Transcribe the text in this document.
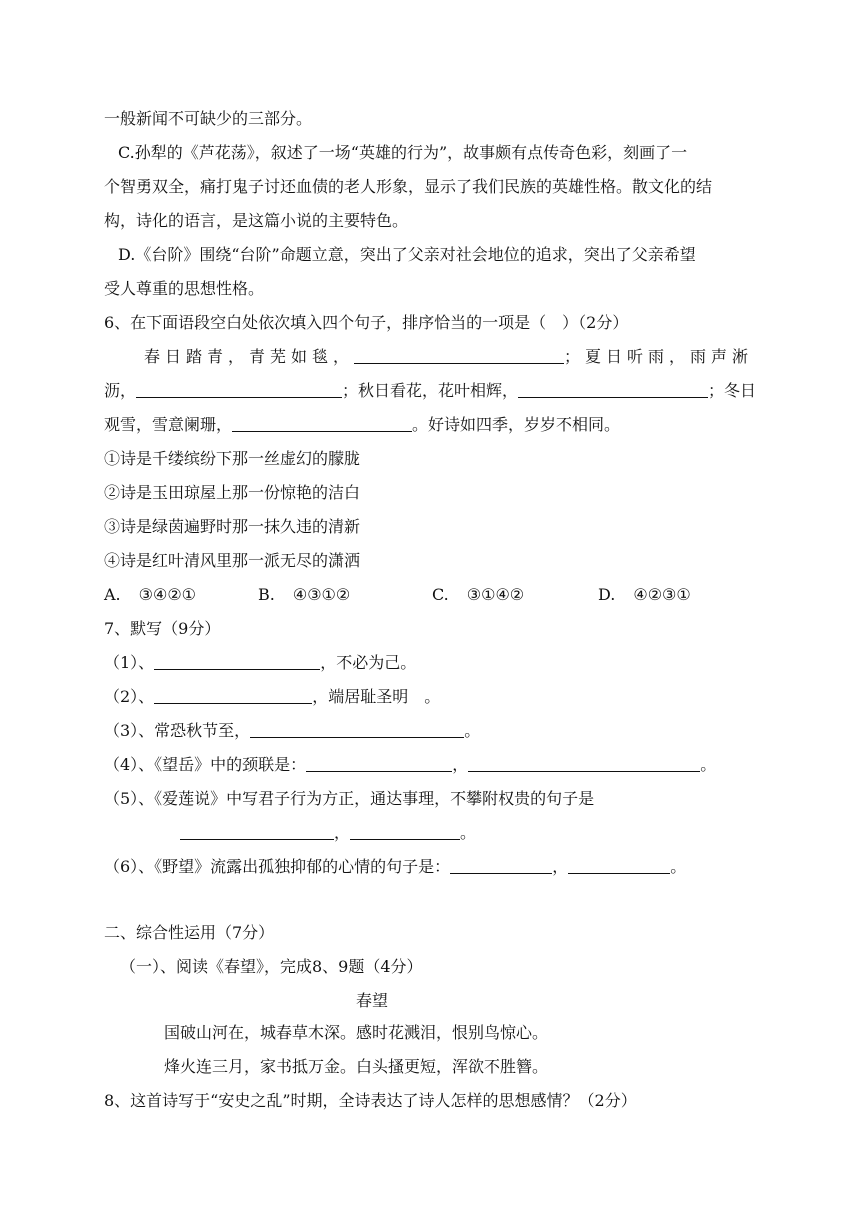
一般新闻不可缺少的三部分。
C.孙犁的《芦花荡》，叙述了一场“英雄的行为”，故事颇有点传奇色彩，刻画了一
个智勇双全，痛打鬼子讨还血债的老人形象，显示了我们民族的英雄性格。散文化的结
构，诗化的语言，是这篇小说的主要特色。
D.《台阶》围绕“台阶”命题立意，突出了父亲对社会地位的追求，突出了父亲希望
受人尊重的思想性格。
6、在下面语段空白处依次填入四个句子，排序恰当的一项是（　）（2分）
春日踏青，青芜如毯，	；夏日听雨，雨声淅
沥，	；秋日看花，花叶相辉，	；冬日
观雪，雪意阑珊，	。好诗如四季，岁岁不相同。
①诗是千缕缤纷下那一丝虚幻的朦胧
②诗是玉田琼屋上那一份惊艳的洁白
③诗是绿茵遍野时那一抹久违的清新
④诗是红叶清风里那一派无尽的潇洒

A. ③④②①	B. ④③①②	C. ③①④②	D. ④②③①
7、默写（9分）
（1）、	，不必为己。
（2）、	，端居耻圣明　。
（3）、常恐秋节至，	。
（4）、《望岳》中的颈联是：	，	。
（5）、《爱莲说》中写君子行为方正，通达事理，不攀附权贵的句子是
，	。
（6）、《野望》流露出孤独抑郁的心情的句子是：	，	。
二、综合性运用（7分）
（一）、阅读《春望》，完成8、9题（4分）
春望
国破山河在，城春草木深。感时花溅泪，恨别鸟惊心。
烽火连三月，家书抵万金。白头搔更短，浑欲不胜簪。
8、这首诗写于“安史之乱”时期，全诗表达了诗人怎样的思想感情？（2分）
